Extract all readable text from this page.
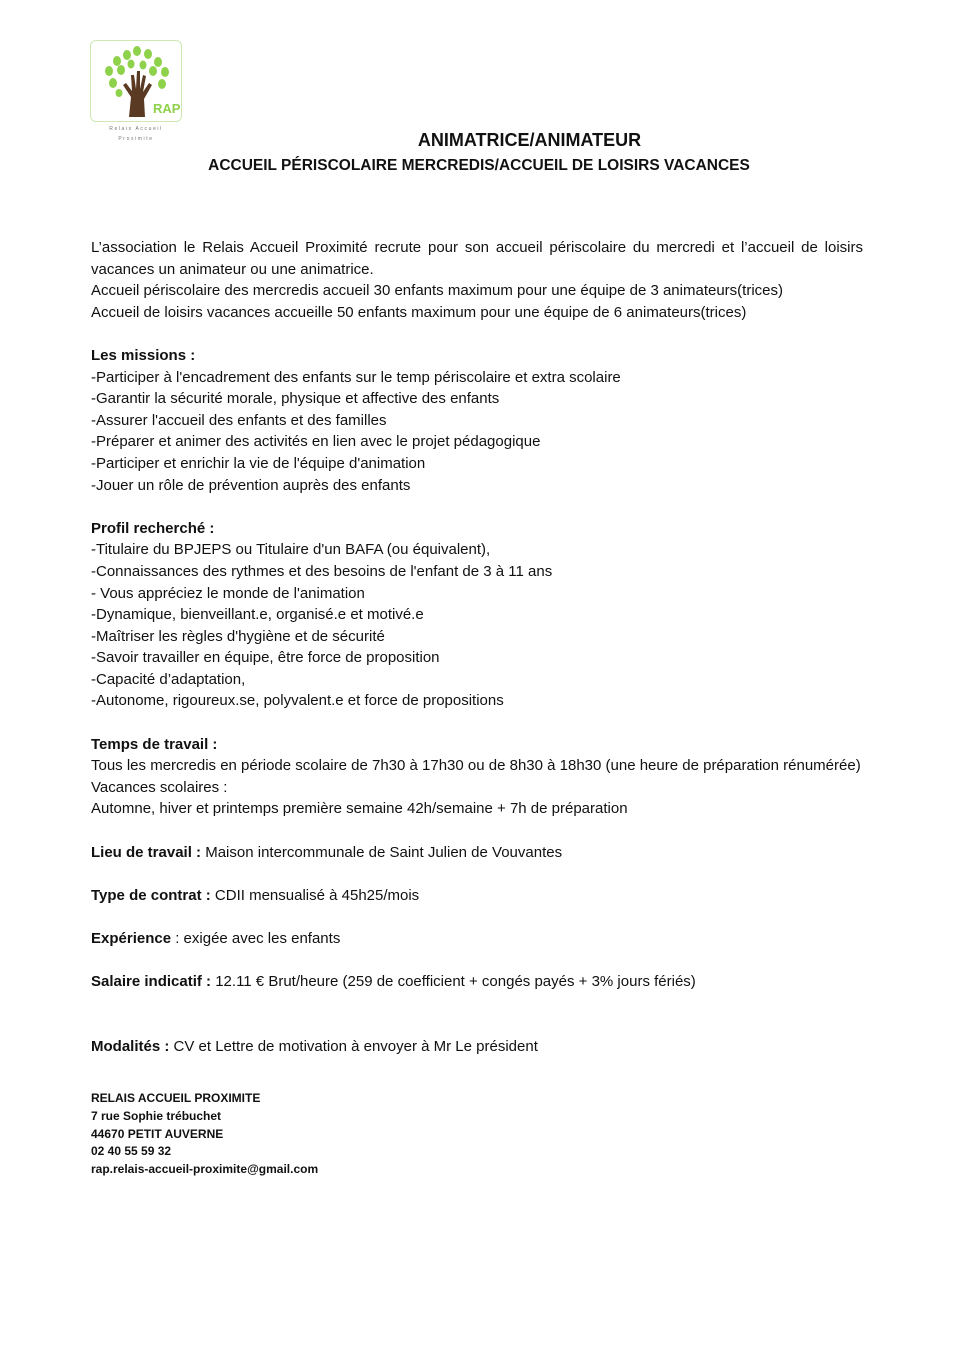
RAP
Relais Accueil
Proximite	ANIMATRICE/ANIMATEUR
ACCUEIL PÉRISCOLAIRE MERCREDIS/ACCUEIL DE LOISIRS VACANCES

L’association le Relais Accueil Proximité recrute pour son accueil périscolaire du mercredi et l’accueil de loisirs vacances un animateur ou une animatrice.

Accueil périscolaire des mercredis accueil 30 enfants maximum pour une équipe de 3 animateurs(trices)

Accueil de loisirs vacances accueille 50 enfants maximum pour une équipe de 6 animateurs(trices)

Les missions :

-Participer à l'encadrement des enfants sur le temp périscolaire et extra scolaire

-Garantir la sécurité morale, physique et affective des enfants

-Assurer l'accueil des enfants et des familles

-Préparer et animer des activités en lien avec le projet pédagogique

-Participer et enrichir la vie de l'équipe d'animation

-Jouer un rôle de prévention auprès des enfants

Profil recherché :

-Titulaire du BPJEPS ou Titulaire d'un BAFA (ou équivalent),

-Connaissances des rythmes et des besoins de l'enfant de 3 à 11 ans

- Vous appréciez le monde de l'animation

-Dynamique, bienveillant.e, organisé.e et motivé.e

-Maîtriser les règles d'hygiène et de sécurité

-Savoir travailler en équipe, être force de proposition

-Capacité d’adaptation,

-Autonome, rigoureux.se, polyvalent.e et force de propositions

Temps de travail :

Tous les mercredis en période scolaire de 7h30 à 17h30 ou de 8h30 à 18h30 (une heure de préparation rénumérée)

Vacances scolaires :

Automne, hiver et printemps première semaine 42h/semaine + 7h de préparation

Lieu de travail : Maison intercommunale de Saint Julien de Vouvantes

Type de contrat : CDII mensualisé à 45h25/mois

Expérience : exigée avec les enfants

Salaire indicatif : 12.11 € Brut/heure (259 de coefficient + congés payés + 3% jours fériés)

Modalités : CV et Lettre de motivation à envoyer à Mr Le président

RELAIS ACCUEIL PROXIMITE
7 rue Sophie trébuchet
44670 PETIT AUVERNE
02 40 55 59 32
rap.relais-accueil-proximite@gmail.com
